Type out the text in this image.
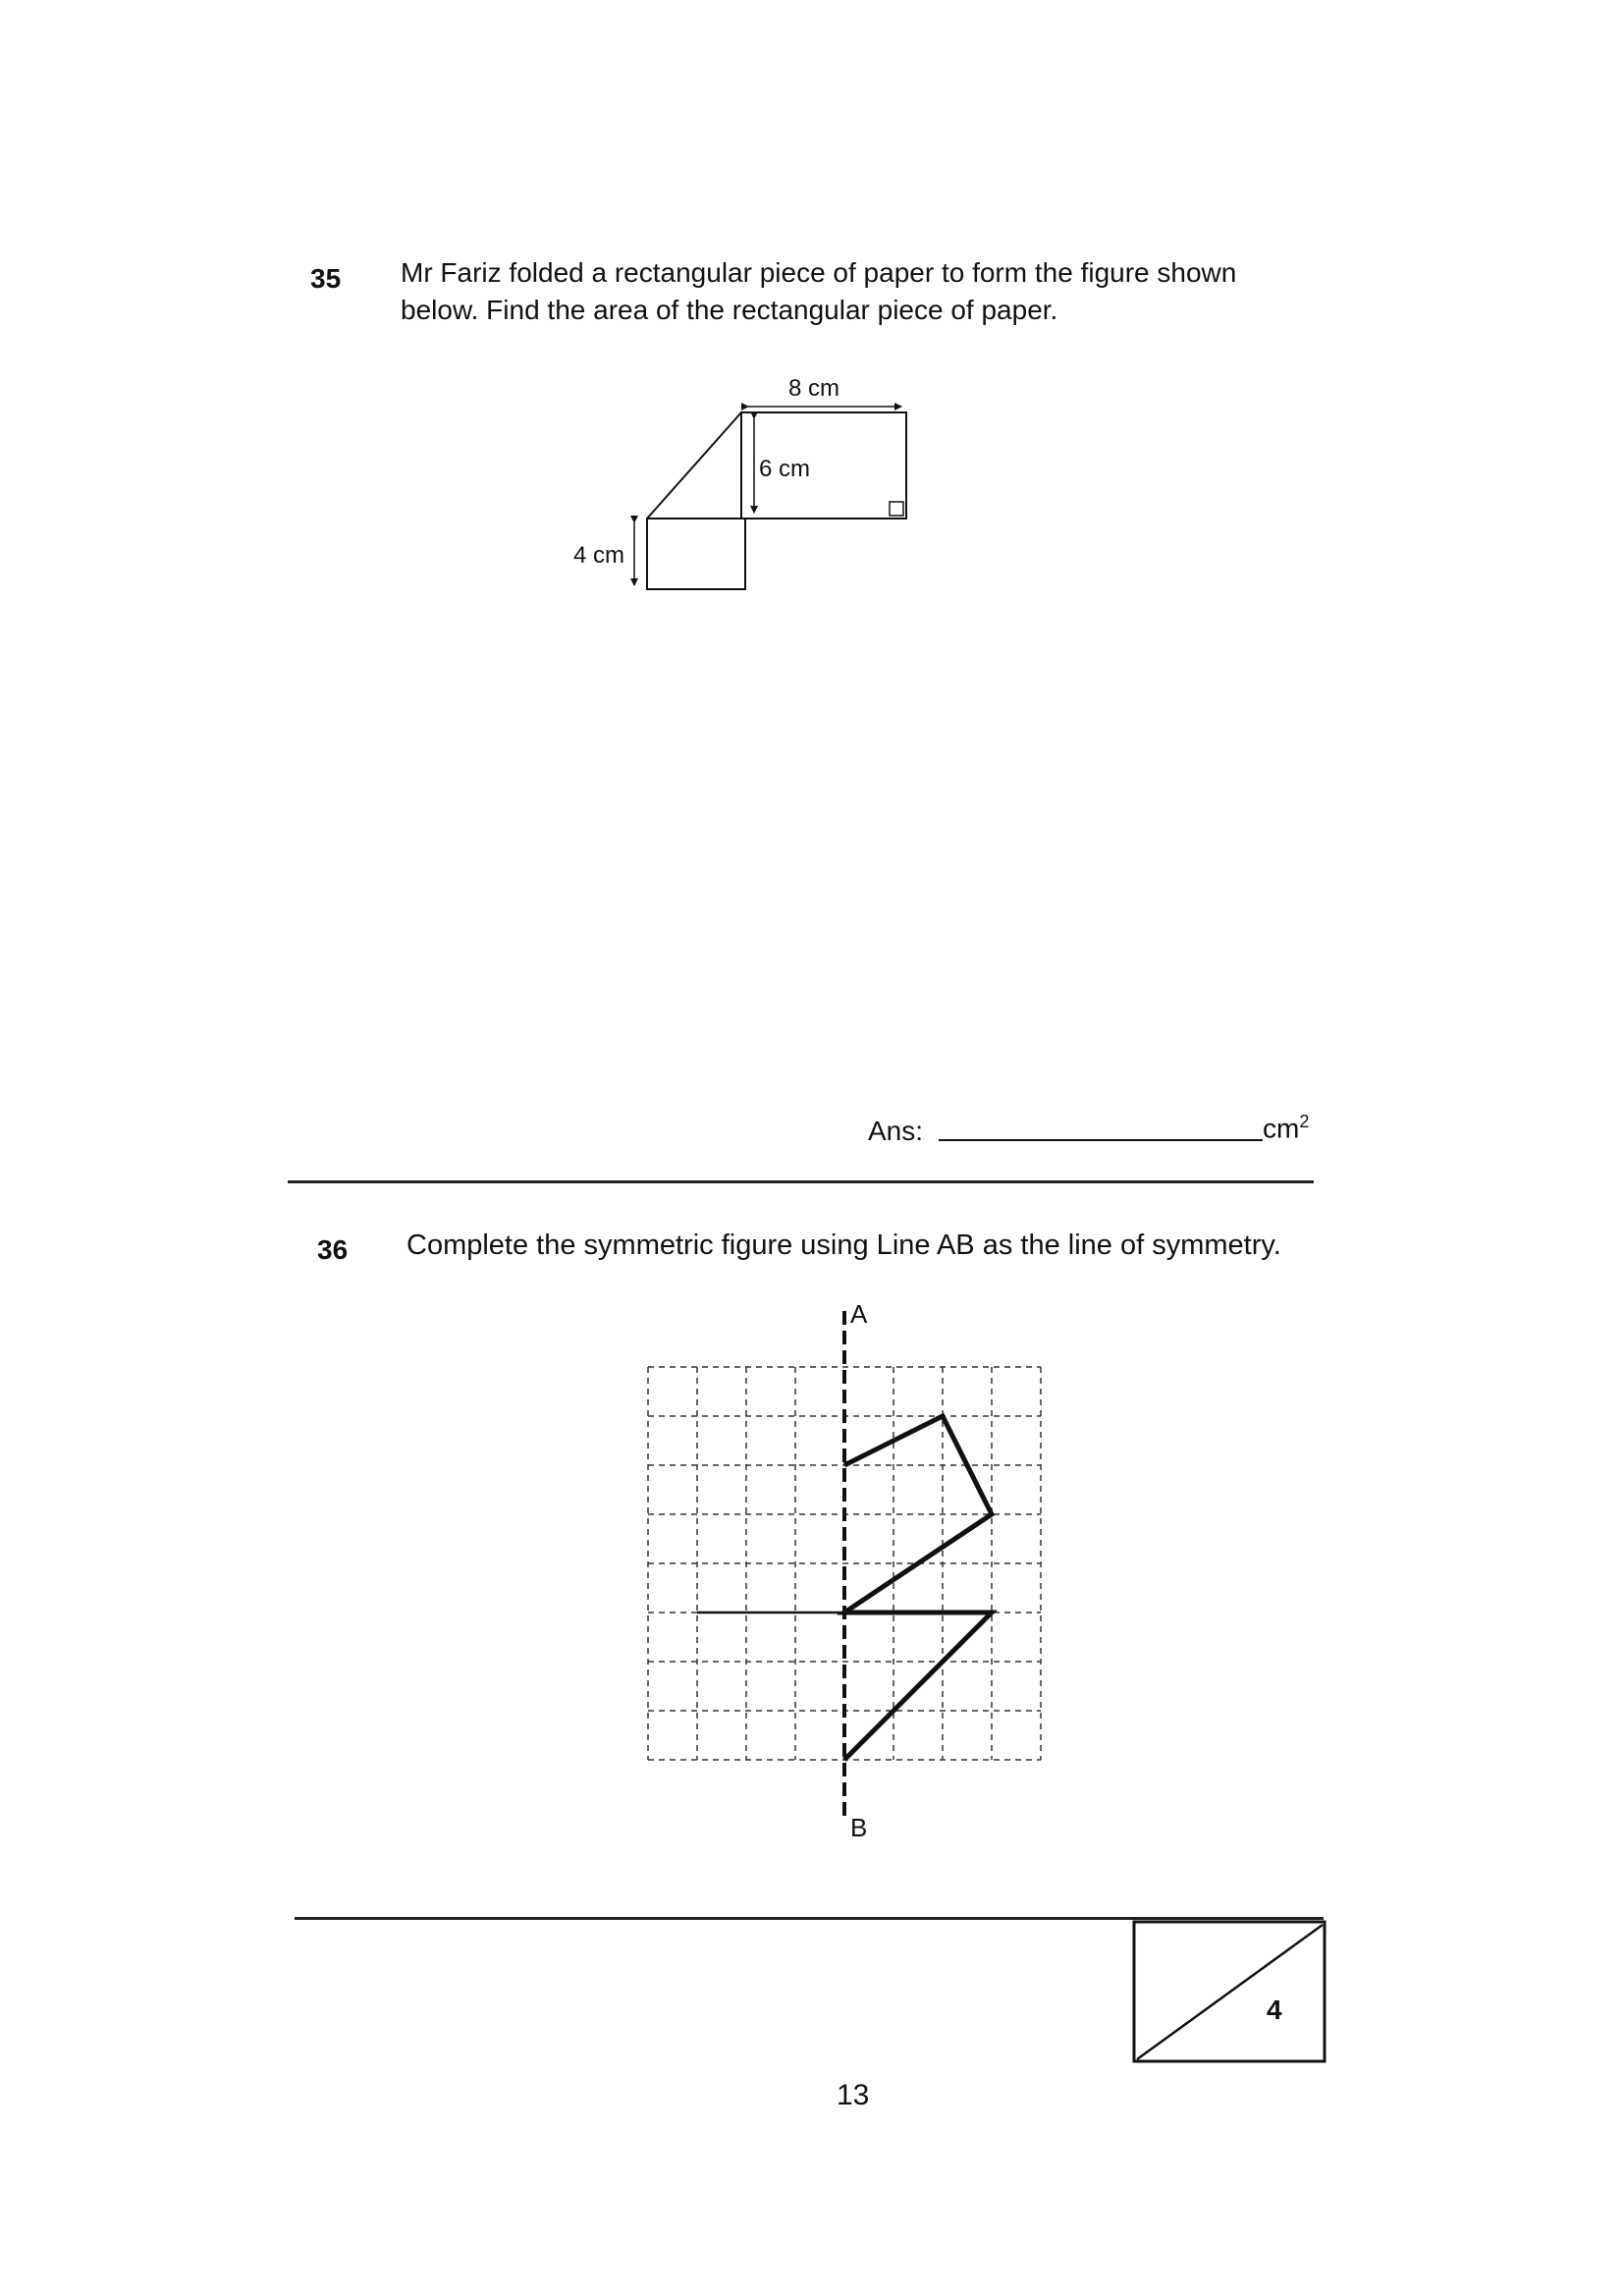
35 Mr Fariz folded a rectangular piece of paper to form the figure shown
below. Find the area of the rectangular piece of paper.
8 cm
6 cm
4 cm
Ans:	$cm^2$
36 Complete the symmetric figure using Line AB as the line of symmetry.
A
B
4
13
